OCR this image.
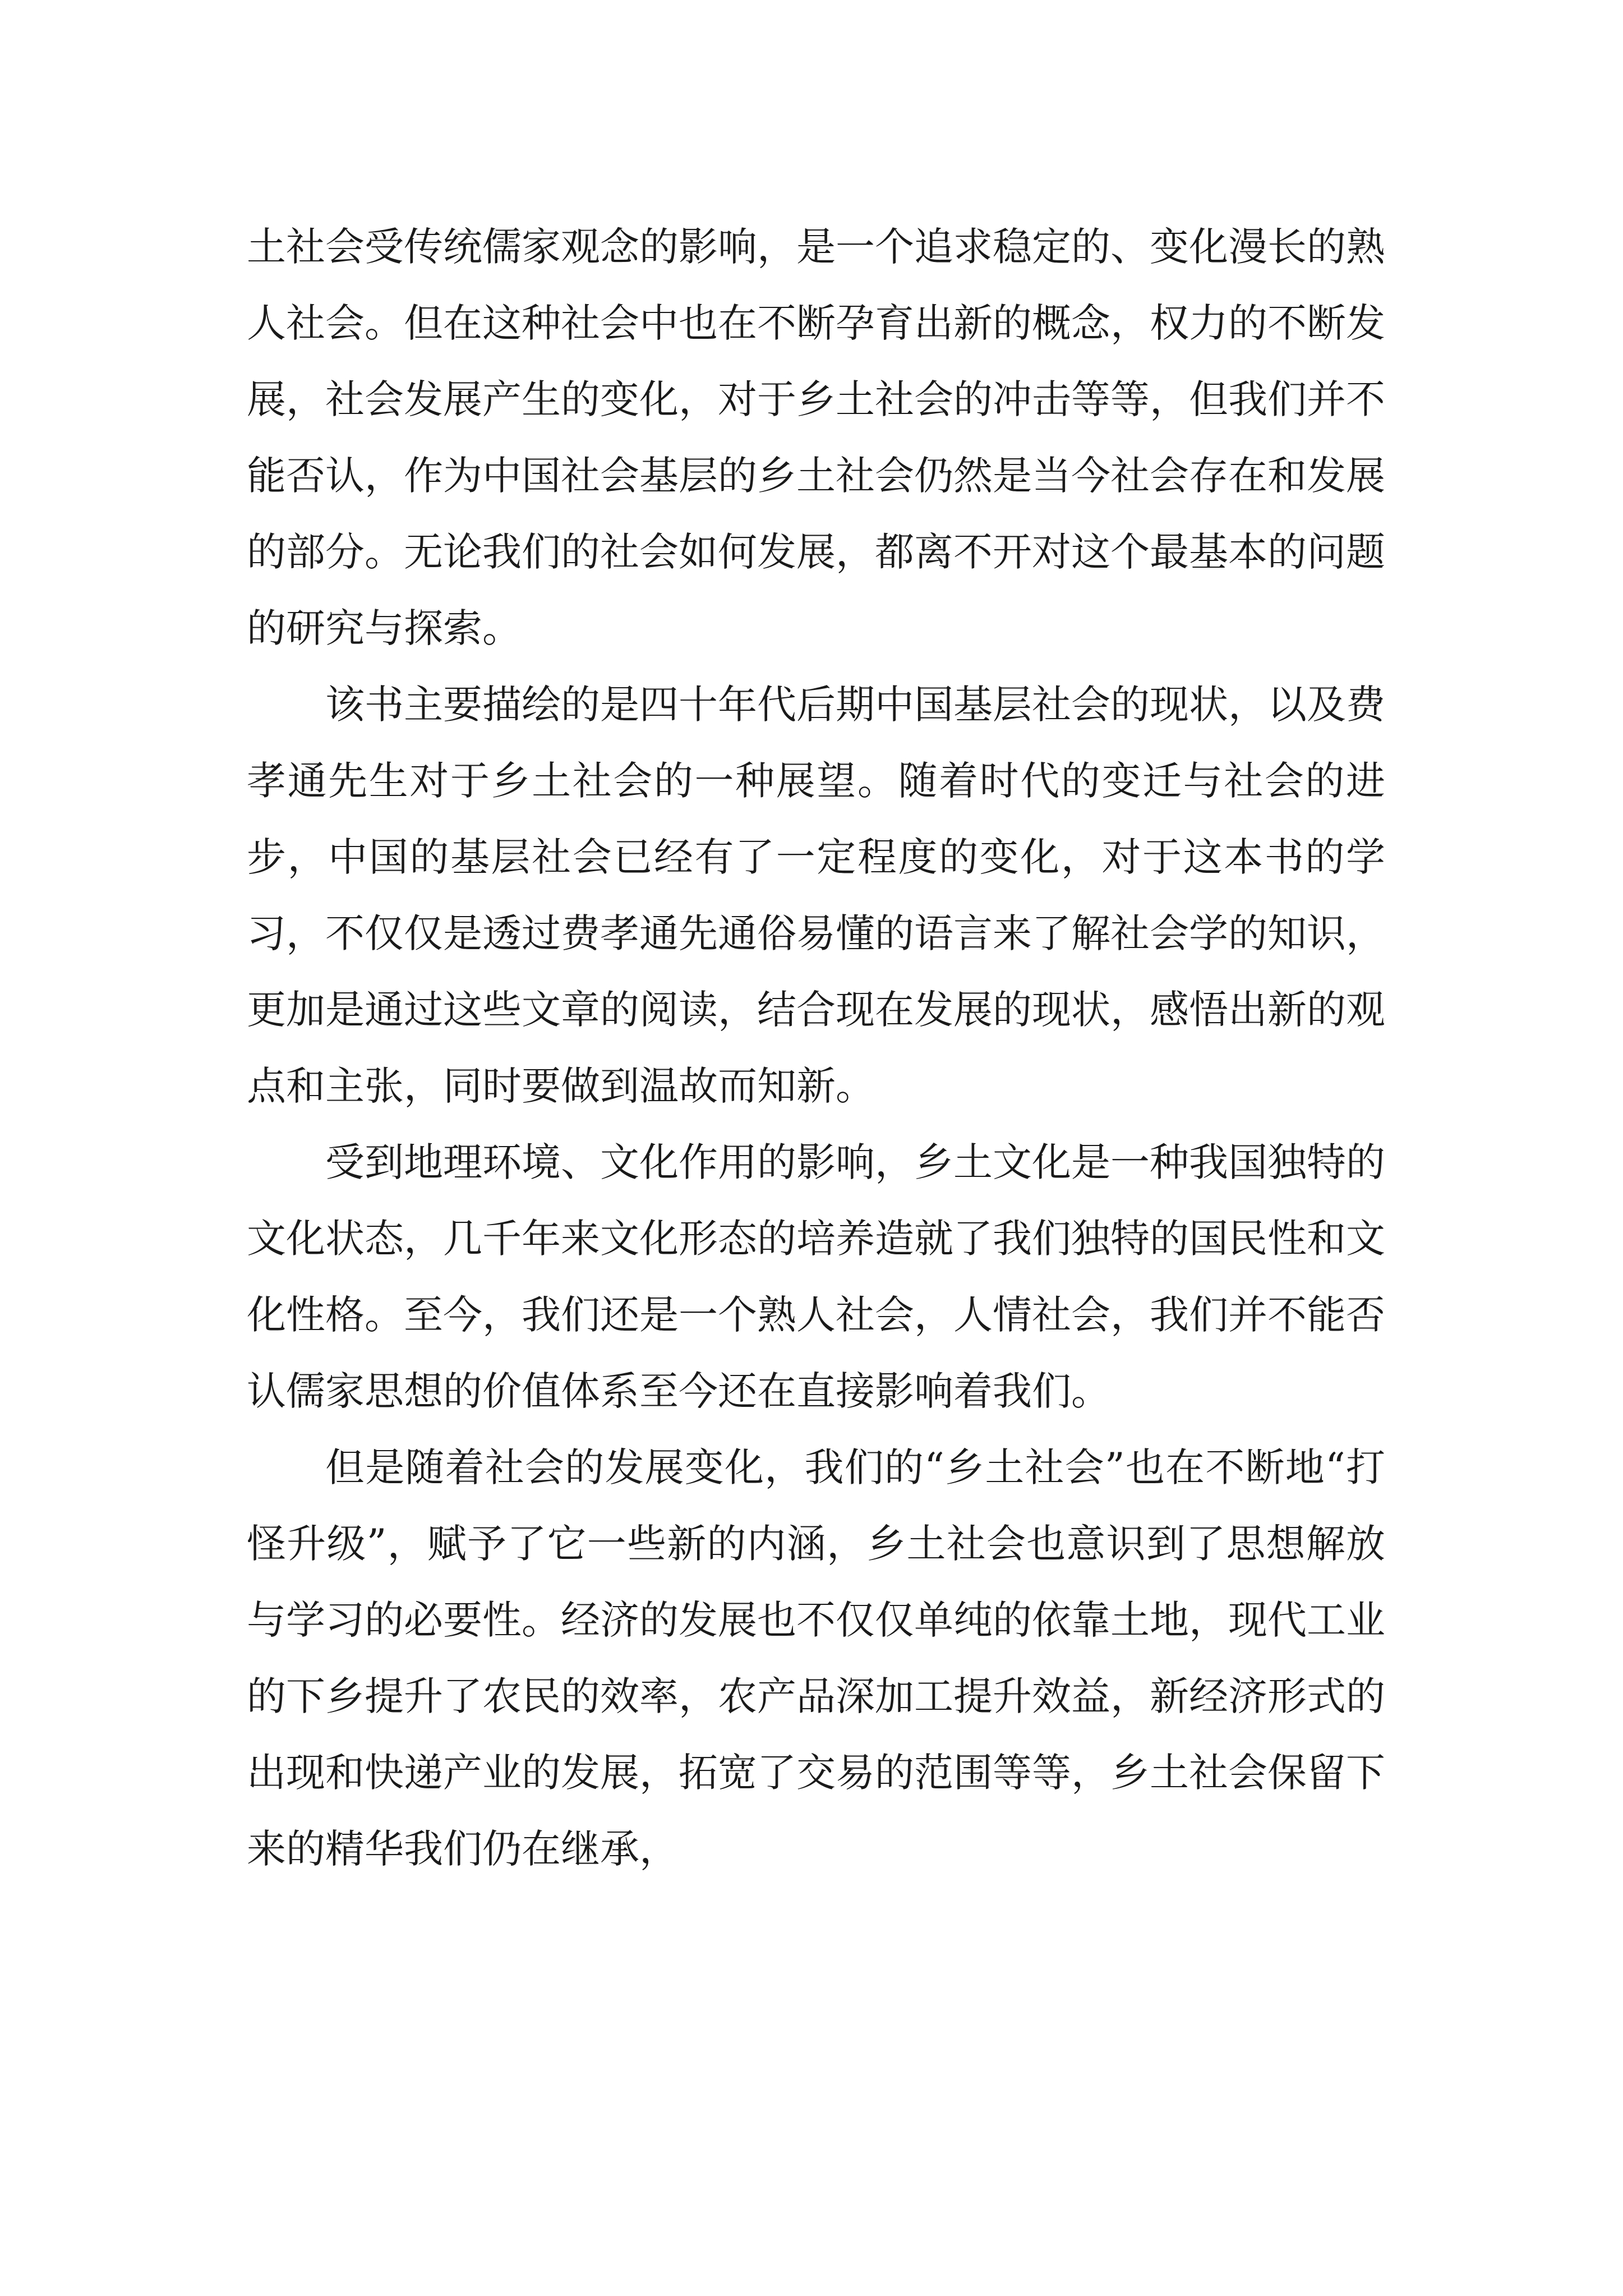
土社会受传统儒家观念的影响，是一个追求稳定的、变化漫长的熟人社会。但在这种社会中也在不断孕育出新的概念，权力的不断发展，社会发展产生的变化，对于乡土社会的冲击等等，但我们并不能否认，作为中国社会基层的乡土社会仍然是当今社会存在和发展的部分。无论我们的社会如何发展，都离不开对这个最基本的问题的研究与探索。

该书主要描绘的是四十年代后期中国基层社会的现状，以及费孝通先生对于乡土社会的一种展望。随着时代的变迁与社会的进步，中国的基层社会已经有了一定程度的变化，对于这本书的学习，不仅仅是透过费孝通先通俗易懂的语言来了解社会学的知识，更加是通过这些文章的阅读，结合现在发展的现状，感悟出新的观点和主张，同时要做到温故而知新。

受到地理环境、文化作用的影响，乡土文化是一种我国独特的文化状态，几千年来文化形态的培养造就了我们独特的国民性和文化性格。至今，我们还是一个熟人社会，人情社会，我们并不能否认儒家思想的价值体系至今还在直接影响着我们。

但是随着社会的发展变化，我们的“乡土社会”也在不断地“打怪升级”，赋予了它一些新的内涵，乡土社会也意识到了思想解放与学习的必要性。经济的发展也不仅仅单纯的依靠土地，现代工业的下乡提升了农民的效率，农产品深加工提升效益，新经济形式的出现和快递产业的发展，拓宽了交易的范围等等，乡土社会保留下来的精华我们仍在继承，
